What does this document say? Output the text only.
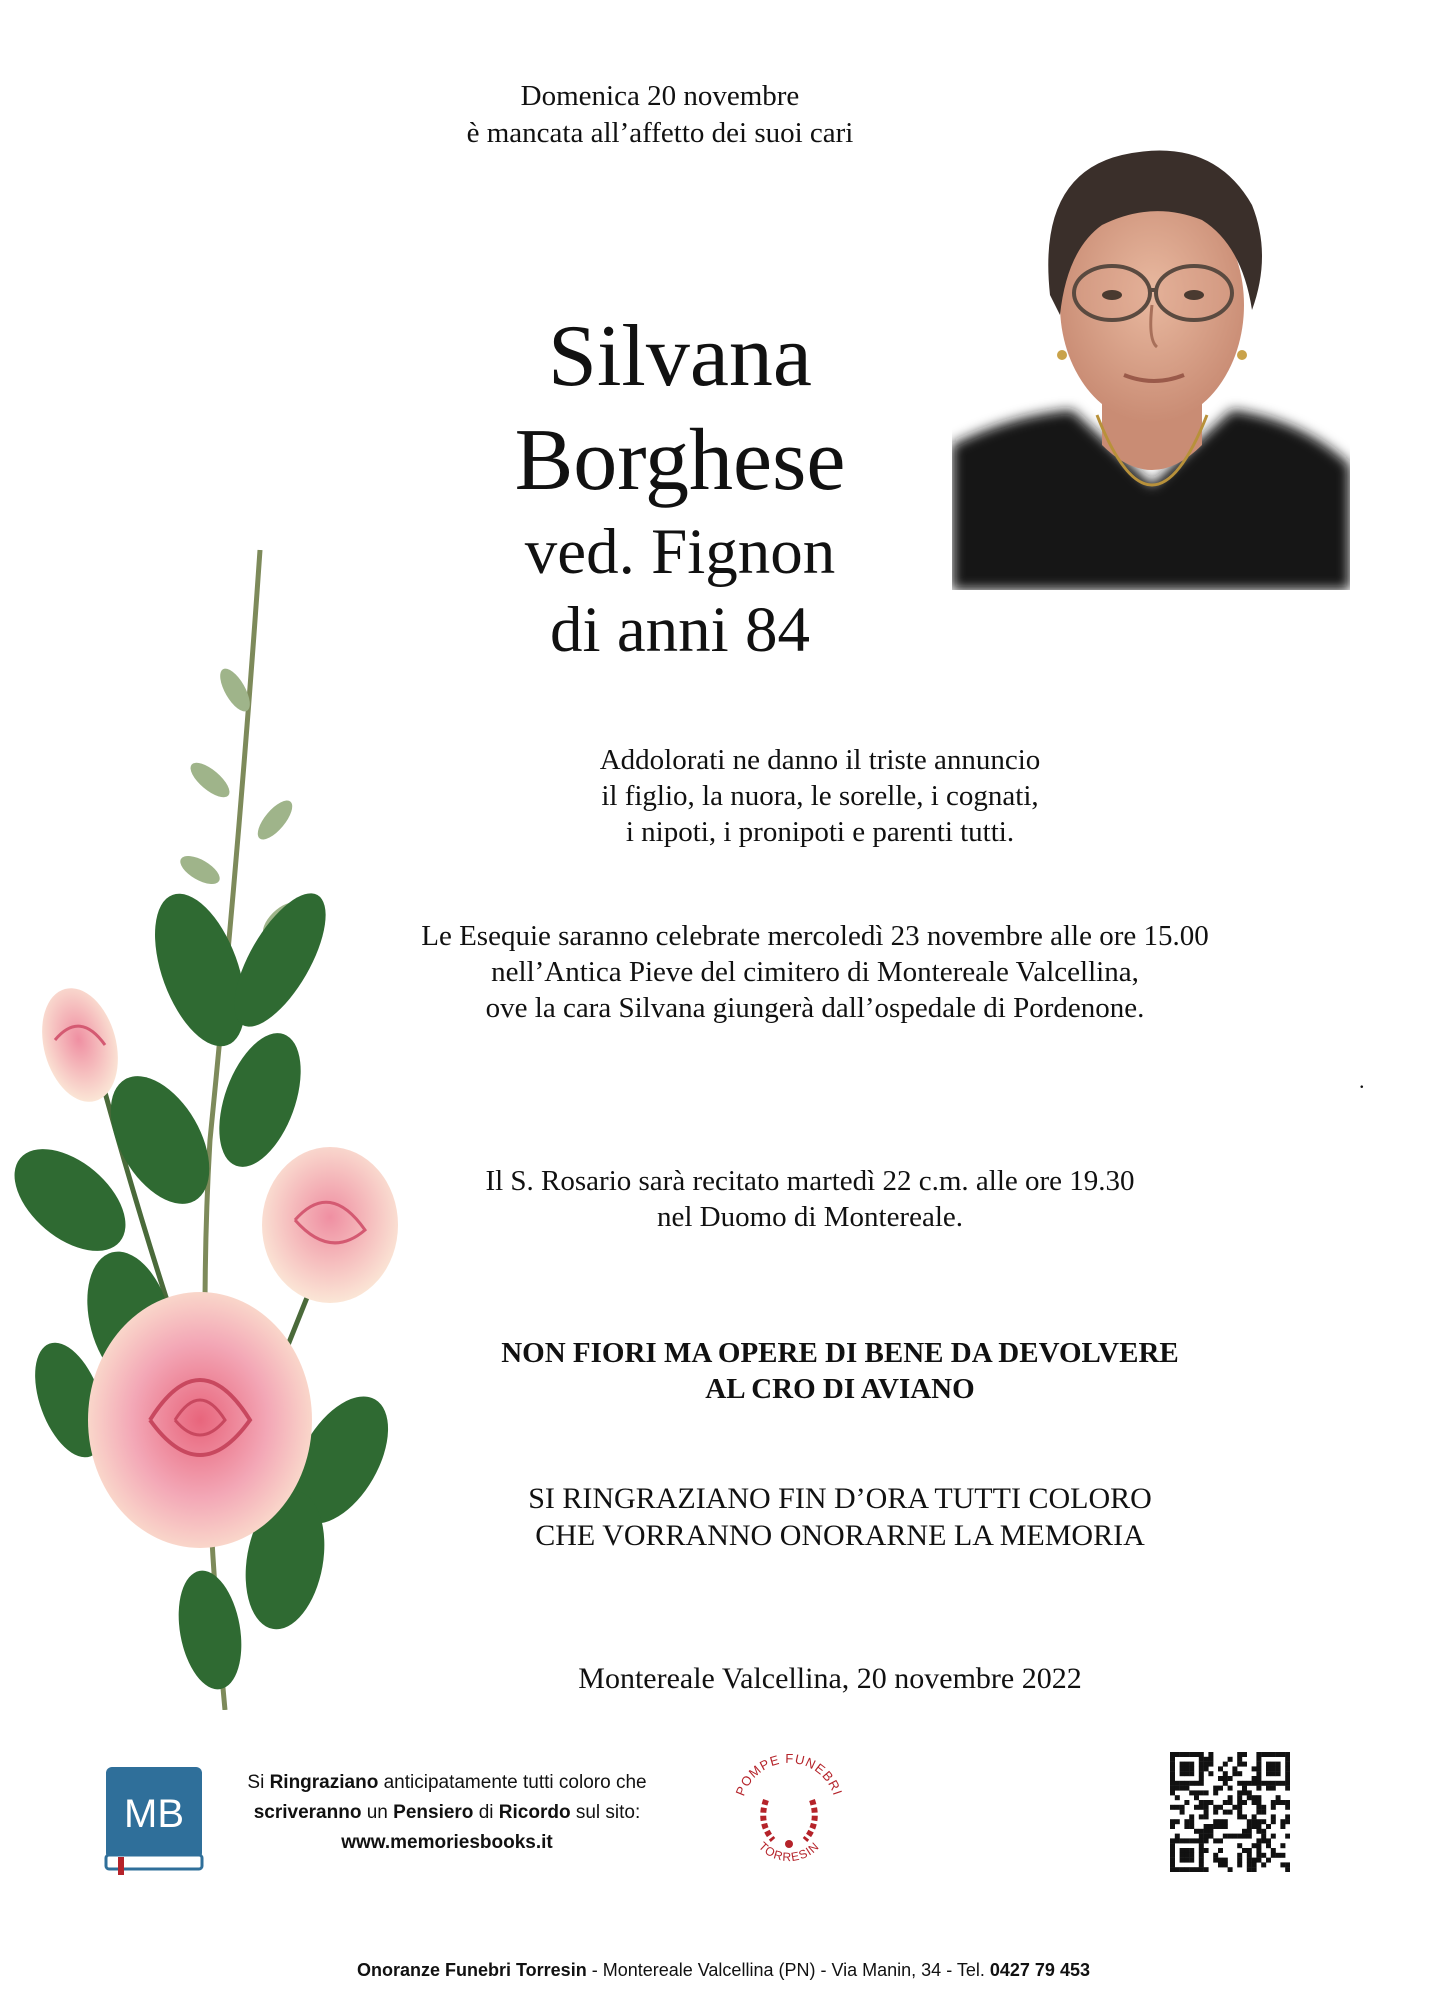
Domenica 20 novembre
è mancata all’affetto dei suoi cari
Silvana
Borghese
ved. Fignon
di anni 84
Addolorati ne danno il triste annuncio
il figlio, la nuora, le sorelle, i cognati,
i nipoti, i pronipoti e parenti tutti.
Le Esequie saranno celebrate mercoledì 23 novembre alle ore 15.00
nell’Antica Pieve del cimitero di Montereale Valcellina,
ove la cara Silvana giungerà dall’ospedale di Pordenone.
.
Il S. Rosario sarà recitato martedì 22 c.m. alle ore 19.30
nel Duomo di Montereale.
NON FIORI MA OPERE DI BENE DA DEVOLVERE
AL CRO DI AVIANO
SI RINGRAZIANO FIN D’ORA TUTTI COLORO
CHE VORRANNO ONORARNE LA MEMORIA
Montereale Valcellina, 20 novembre 2022
MB
Si Ringraziano anticipatamente tutti coloro che
scriveranno un Pensiero di Ricordo sul sito:
www.memoriesbooks.it
POMPE FUNEBRI
TORRESIN
Onoranze Funebri Torresin - Montereale Valcellina (PN) - Via Manin, 34 - Tel. 0427 79 453
